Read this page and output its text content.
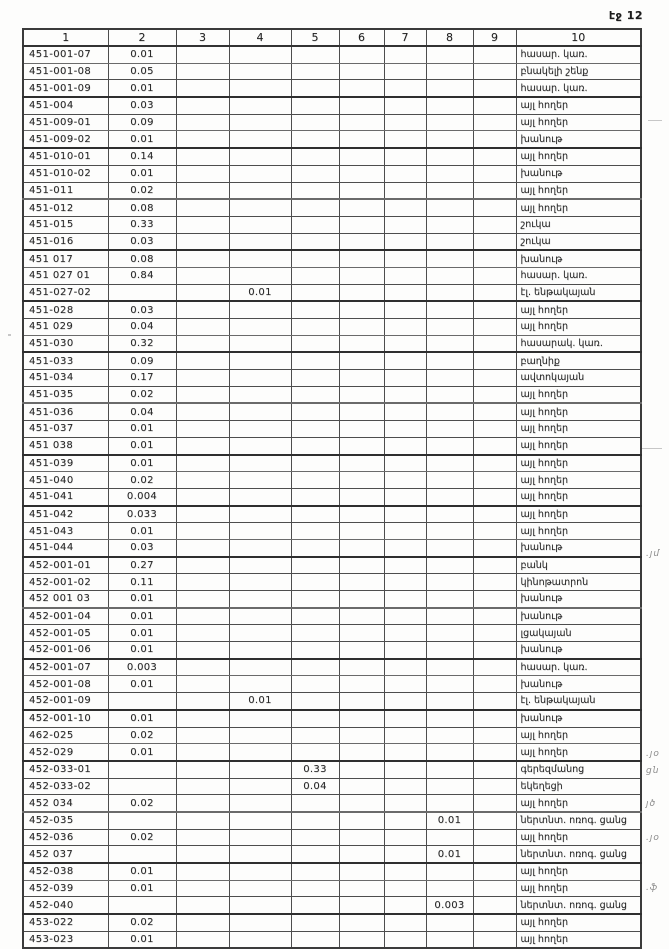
էջ 12
1	2	3	4	5	6	7	8	9	10
451-001-07	0.01								հասար. կառ.
451-001-08	0.05								բնակելի շենք
451-001-09	0.01								հասար. կառ.
451-004	0.03								այլ հողեր
451-009-01	0.09								այլ հողեր
451-009-02	0.01								խանութ
451-010-01	0.14								այլ հողեր
451-010-02	0.01								խանութ
451-011	0.02								այլ հողեր
451-012	0.08								այլ հողեր
451-015	0.33								շուկա
451-016	0.03								շուկա
451 017	0.08								խանութ
451 027 01	0.84								հասար. կառ.
451-027-02			0.01						էլ. ենթակայան
451-028	0.03								այլ հողեր
451 029	0.04								այլ հողեր
451-030	0.32								հասարակ. կառ.
451-033	0.09								բաղնիք
451-034	0.17								ավտոկայան
451-035	0.02								այլ հողեր
451-036	0.04								այլ հողեր
451-037	0.01								այլ հողեր
451 038	0.01								այլ հողեր
451-039	0.01								այլ հողեր
451-040	0.02								այլ հողեր
451-041	0.004								այլ հողեր
451-042	0.033								այլ հողեր
451-043	0.01								այլ հողեր
451-044	0.03								խանութ
452-001-01	0.27								բանկ
452-001-02	0.11								կինոթատրոն
452 001 03	0.01								խանութ
452-001-04	0.01								խանութ
452-001-05	0.01								լցակայան
452-001-06	0.01								խանութ
452-001-07	0.003								հասար. կառ.
452-001-08	0.01								խանութ
452-001-09			0.01						էլ. ենթակայան
452-001-10	0.01								խանութ
462-025	0.02								այլ հողեր
452-029	0.01								այլ հողեր
452-033-01				0.33					գերեզմանոց
452-033-02				0.04					եկեղեցի
452 034	0.02								այլ հողեր
452-035							0.01		ներտնտ. ոռոգ. ցանց
452-036	0.02								այլ հողեր
452 037							0.01		ներտնտ. ոռոգ. ցանց
452-038	0.01								այլ հողեր
452-039	0.01								այլ հողեր
452-040							0.003		ներտնտ. ոռոգ. ցանց
453-022	0.02								այլ հողեր
453-023	0.01								այլ հողեր
.յմ
.յօ
ցն
յծ
.յօ
.ֆ
